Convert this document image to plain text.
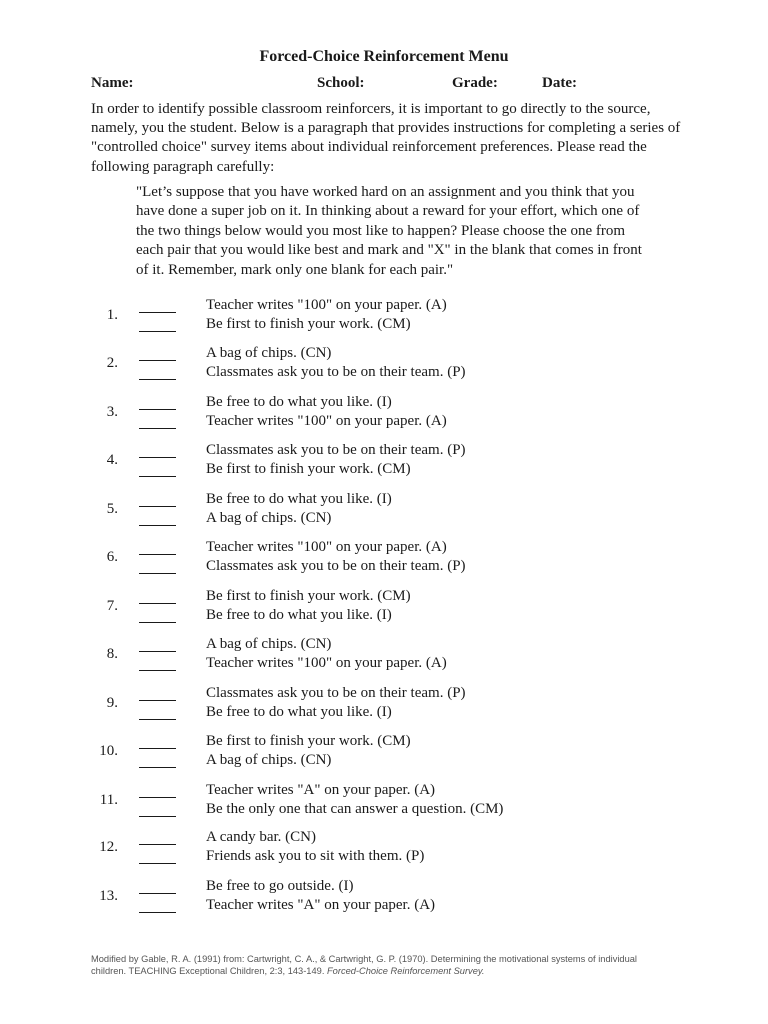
Forced-Choice Reinforcement Menu
Name:	School:	Grade:	Date:

In order to identify possible classroom reinforcers, it is important to go directly to the source, namely, you the student. Below is a paragraph that provides instructions for completing a series of "controlled choice" survey items about individual reinforcement preferences. Please read the following paragraph carefully:

"Let’s suppose that you have worked hard on an assignment and you think that you have done a super job on it. In thinking about a reward for your effort, which one of the two things below would you most like to happen? Please choose the one from each pair that you would like best and mark and "X" in the blank that comes in front of it. Remember, mark only one blank for each pair."

1.
Teacher writes "100" on your paper. (A)
Be first to finish your work. (CM)
2.
A bag of chips. (CN)
Classmates ask you to be on their team. (P)
3.
Be free to do what you like. (I)
Teacher writes "100" on your paper. (A)
4.
Classmates ask you to be on their team. (P)
Be first to finish your work. (CM)
5.
Be free to do what you like. (I)
A bag of chips. (CN)
6.
Teacher writes "100" on your paper. (A)
Classmates ask you to be on their team. (P)
7.
Be first to finish your work. (CM)
Be free to do what you like. (I)
8.
A bag of chips. (CN)
Teacher writes "100" on your paper. (A)
9.
Classmates ask you to be on their team. (P)
Be free to do what you like. (I)
10.
Be first to finish your work. (CM)
A bag of chips. (CN)
11.
Teacher writes "A" on your paper. (A)
Be the only one that can answer a question. (CM)
12.
A candy bar. (CN)
Friends ask you to sit with them. (P)
13.
Be free to go outside. (I)
Teacher writes "A" on your paper. (A)

Modified by Gable, R. A. (1991) from: Cartwright, C. A., & Cartwright, G. P. (1970). Determining the motivational systems of individual children. TEACHING Exceptional Children, 2:3, 143-149. Forced-Choice Reinforcement Survey.
